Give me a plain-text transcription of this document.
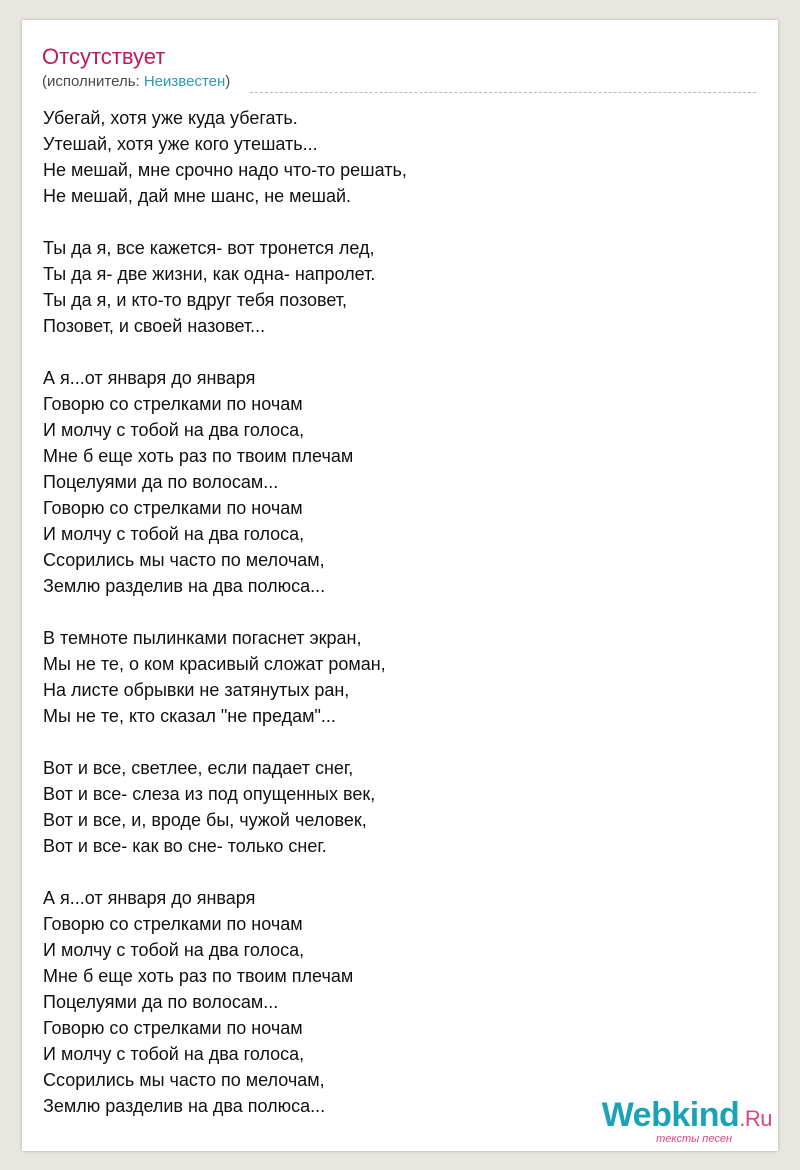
Отсутствует
(исполнитель: Неизвестен)
Убегай, хотя уже куда убегать.
Утешай, хотя уже кого утешать...
Не мешай, мне срочно надо что-то решать,
Не мешай, дай мне шанс, не мешай.
Ты да я, все кажется- вот тронется лед,
Ты да я- две жизни, как одна- напролет.
Ты да я, и кто-то вдруг тебя позовет,
Позовет, и своей назовет...
А я...от января до января
Говорю со стрелками по ночам
И молчу с тобой на два голоса,
Мне б еще хоть раз по твоим плечам
Поцелуями да по волосам...
Говорю со стрелками по ночам
И молчу с тобой на два голоса,
Ссорились мы часто по мелочам,
Землю разделив на два полюса...
В темноте пылинками погаснет экран,
Мы не те, о ком красивый сложат роман,
На листе обрывки не затянутых ран,
Мы не те, кто сказал "не предам"...
Вот и все, светлее, если падает снег,
Вот и все- слеза из под опущенных век,
Вот и все, и, вроде бы, чужой человек,
Вот и все- как во сне- только снег.
А я...от января до января
Говорю со стрелками по ночам
И молчу с тобой на два голоса,
Мне б еще хоть раз по твоим плечам
Поцелуями да по волосам...
Говорю со стрелками по ночам
И молчу с тобой на два голоса,
Ссорились мы часто по мелочам,
Землю разделив на два полюса...	Webkind.Ru
тексты песен
